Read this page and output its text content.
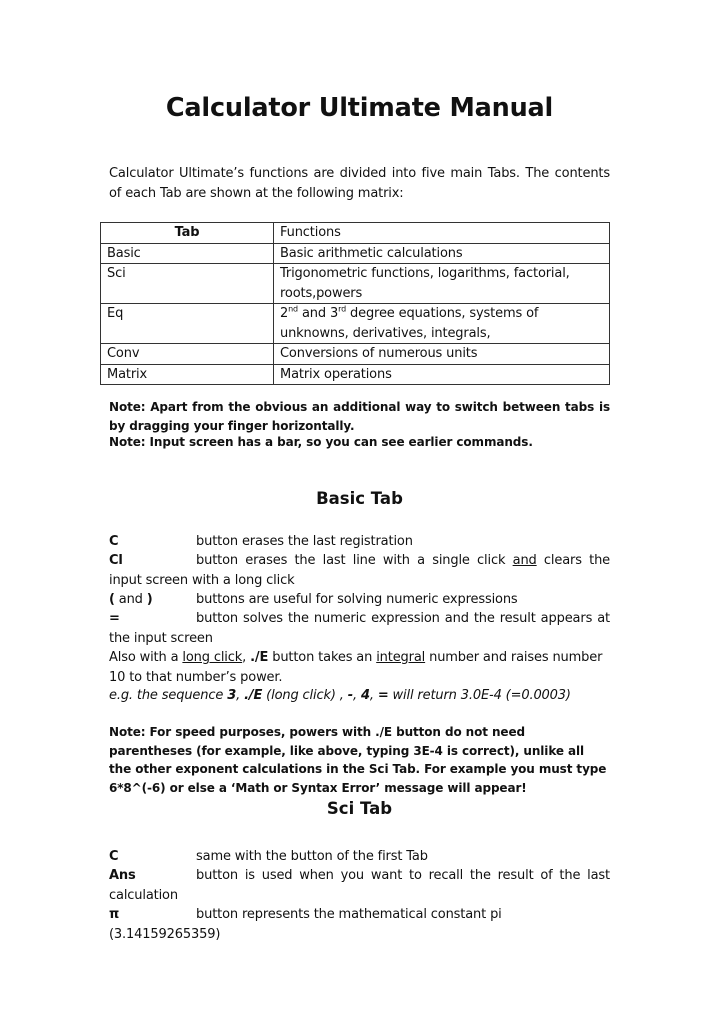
Calculator Ultimate Manual
Calculator Ultimate’s functions are divided into five main Tabs. The contents of each Tab are shown at the following matrix:
Tab	Functions
Basic	Basic arithmetic calculations
Sci	Trigonometric functions, logarithms, factorial, roots,powers
Eq	2nd and 3rd degree equations, systems of unknowns, derivatives, integrals,
Conv	Conversions of numerous units
Matrix	Matrix operations
Note: Apart from the obvious an additional way to switch between tabs is by dragging your finger horizontally.
Note: Input screen has a bar, so you can see earlier commands.
Basic Tab
C	button erases the last registration
Cl	button erases the last line with a single click and clears the input screen with a long click
( and )	buttons are useful for solving numeric expressions
=	button solves the numeric expression and the result appears at the input screen
Also with a long click, ./E button takes an integral number and raises number 10 to that number’s power.
e.g. the sequence 3, ./E (long click) , -, 4, = will return 3.0E-4 (=0.0003)
Note: For speed purposes, powers with ./E button do not need parentheses (for example, like above, typing 3E-4 is correct), unlike all the other exponent calculations in the Sci Tab. For example you must type 6*8^(-6) or else a ‘Math or Syntax Error’ message will appear!
Sci Tab
C	same with the button of the first Tab
Ans	button is used when you want to recall the result of the last calculation
π	button represents the mathematical constant pi (3.14159265359)
